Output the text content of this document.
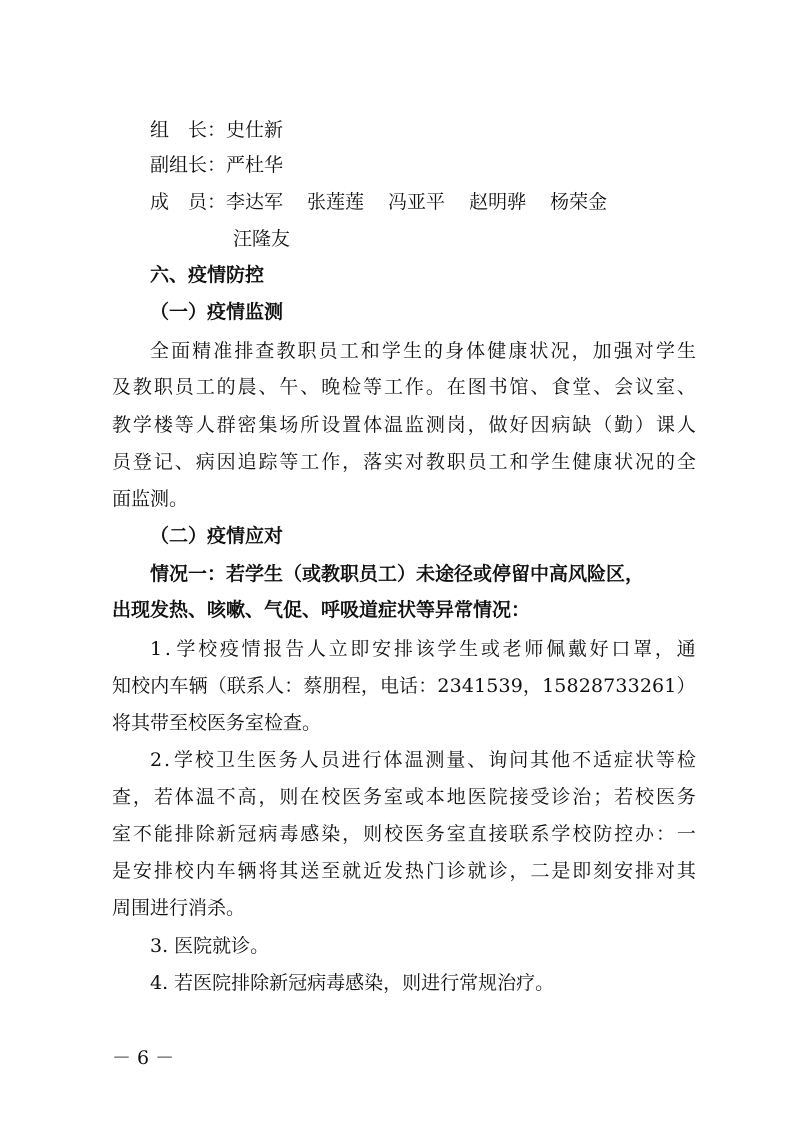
组　长：史仕新
副组长：严杜华
成　员：李达军 张莲莲 冯亚平 赵明骅 杨荣金
汪隆友
六、疫情防控
（一）疫情监测
全 面 精 准 排 查 教 职 员 工 和 学 生 的 身 体 健 康 状 况 ， 加 强 对 学 生
及 教 职 员 工 的 晨 、 午 、 晚 检 等 工 作 。 在 图 书 馆 、 食 堂 、 会 议 室 、
教 学 楼 等 人 群 密 集 场 所 设 置 体 温 监 测 岗 ， 做 好 因 病 缺 （ 勤 ） 课 人
员 登 记 、 病 因 追 踪 等 工 作 ， 落 实 对 教 职 员 工 和 学 生 健 康 状 况 的 全
面监测。
（二）疫情应对
情况一：若学生（或教职员工）未途径或停留中高风险区，
出现发热、咳嗽、气促、呼吸道症状等异常情况：
1 . 学 校 疫 情 报 告 人 立 即 安 排 该 学 生 或 老 师 佩 戴 好 口 罩 ， 通
知 校 内 车 辆 （ 联 系 人 ： 蔡 朋 程 ， 电 话 ： 2 3 4 1 5 3 9 ， 1 5 8 2 8 7 3 3 2 6 1 ）
将其带至校医务室检查。
2 . 学 校 卫 生 医 务 人 员 进 行 体 温 测 量 、 询 问 其 他 不 适 症 状 等 检
查 ， 若 体 温 不 高 ， 则 在 校 医 务 室 或 本 地 医 院 接 受 诊 治 ； 若 校 医 务
室 不 能 排 除 新 冠 病 毒 感 染 ， 则 校 医 务 室 直 接 联 系 学 校 防 控 办 ： 一
是 安 排 校 内 车 辆 将 其 送 至 就 近 发 热 门 诊 就 诊 ， 二 是 即 刻 安 排 对 其
周围进行消杀。
3. 医院就诊。
4. 若医院排除新冠病毒感染，则进行常规治疗。
－ 6 －
